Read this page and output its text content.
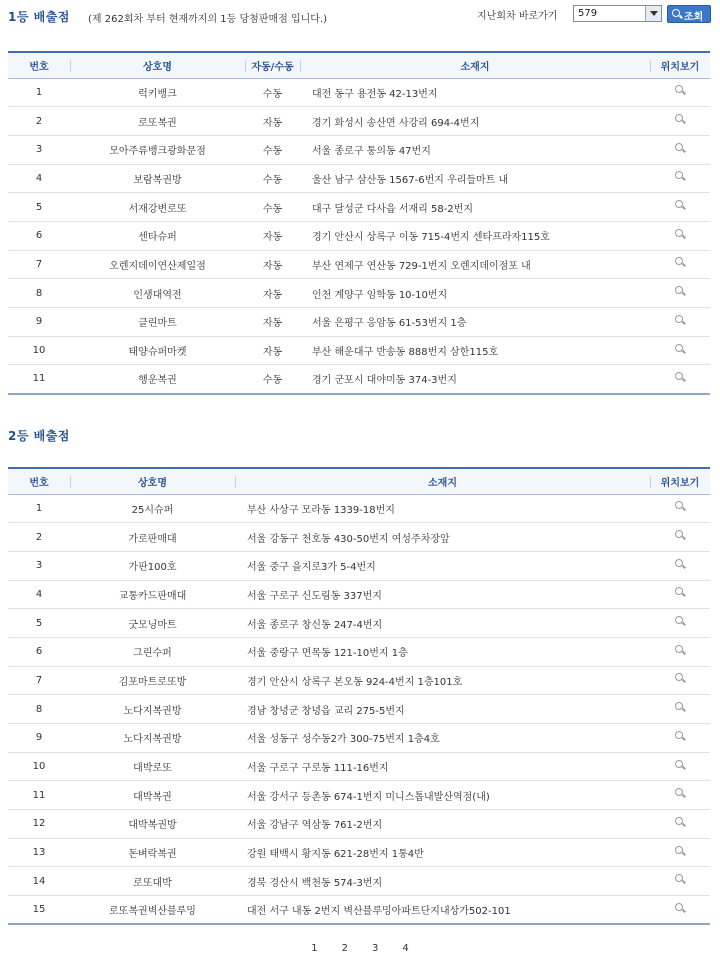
1등 배출점 (제 262회차 부터 현재까지의 1등 당첨판매점 입니다.)	지난회차 바로가기 579	조회
번호	상호명	자동/수동	소재지	위치보기
1	럭키뱅크	수동	대전 동구 용전동 42-13번지	
2	로또복권	자동	경기 화성시 송산면 사강리 694-4번지	
3	모아주류뱅크광화문점	수동	서울 종로구 통의동 47번지	
4	보람복권방	수동	울산 남구 삼산동 1567-6번지 우리들마트 내	
5	서재강변로또	수동	대구 달성군 다사읍 서재리 58-2번지	
6	센타슈퍼	자동	경기 안산시 상록구 이동 715-4번지 센타프라자115호	
7	오렌지데이연산제일점	자동	부산 연제구 연산동 729-1번지 오렌지데이점포 내	
8	인생대역전	자동	인천 계양구 임학동 10-10번지	
9	클린마트	자동	서울 은평구 응암동 61-53번지 1층	
10	태양슈퍼마켓	자동	부산 해운대구 반송동 888번지 삼한115호	
11	행운복권	수동	경기 군포시 대야미동 374-3번지	
2등 배출점
번호	상호명	소재지	위치보기
1	25시슈퍼	부산 사상구 모라동 1339-18번지	
2	가로판매대	서울 강동구 천호동 430-50번지 여성주차장앞	
3	가판100호	서울 중구 을지로3가 5-4번지	
4	교통카드판매대	서울 구로구 신도림동 337번지	
5	굿모닝마트	서울 종로구 창신동 247-4번지	
6	그린수퍼	서울 중랑구 면목동 121-10번지 1층	
7	김포마트로또방	경기 안산시 상록구 본오동 924-4번지 1층101호	
8	노다지복권방	경남 창녕군 창녕읍 교리 275-5번지	
9	노다지복권방	서울 성동구 성수동2가 300-75번지 1층4호	
10	대박로또	서울 구로구 구로동 111-16번지	
11	대박복권	서울 강서구 등촌동 674-1번지 미니스톱내발산역점(내)	
12	대박복권방	서울 강남구 역삼동 761-2번지	
13	돈벼락복권	강원 태백시 황지동 621-28번지 1통4반	
14	로또대박	경북 경산시 백천동 574-3번지	
15	로또복권벽산블루밍	대전 서구 내동 2번지 벽산블루밍아파트단지내상가502-101	
1 2 3 4
